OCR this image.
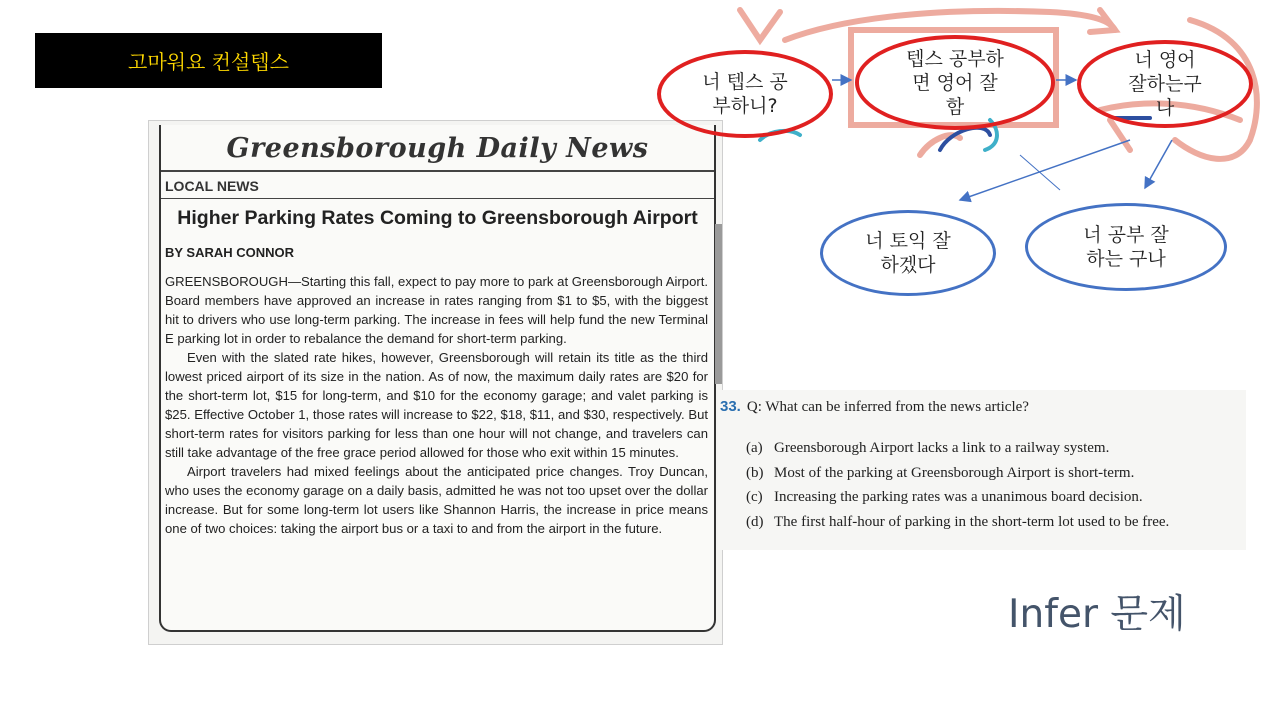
고마워요 컨설텝스
Greensborough Daily News
LOCAL NEWS
Higher Parking Rates Coming to Greensborough Airport
BY SARAH CONNOR

GREENSBOROUGH—Starting this fall, expect to pay more to park at Greensborough Airport. Board members have approved an increase in rates ranging from $1 to $5, with the biggest hit to drivers who use long-term parking. The increase in fees will help fund the new Terminal E parking lot in order to rebalance the demand for short-term parking.

Even with the slated rate hikes, however, Greensborough will retain its title as the third lowest priced airport of its size in the nation. As of now, the maximum daily rates are $20 for the short-term lot, $15 for long-term, and $10 for the economy garage; and valet parking is $25. Effective October 1, those rates will increase to $22, $18, $11, and $30, respectively. But short-term rates for visitors parking for less than one hour will not change, and travelers can still take advantage of the free grace period allowed for those who exit within 15 minutes.

Airport travelers had mixed feelings about the anticipated price changes. Troy Duncan, who uses the economy garage on a daily basis, admitted he was not too upset over the dollar increase. But for some long-term lot users like Shannon Harris, the increase in price means one of two choices: taking the airport bus or a taxi to and from the airport in the future.

33. Q: What can be inferred from the news article?
(a) Greensborough Airport lacks a link to a railway system.
(b) Most of the parking at Greensborough Airport is short-term.
(c) Increasing the parking rates was a unanimous board decision.
(d) The first half-hour of parking in the short-term lot used to be free.
너 텝스 공
부하니?
텝스 공부하
면 영어 잘
함
너 영어
잘하는구
나
너 토익 잘
하겠다
너 공부 잘
하는 구나
Infer 문제
